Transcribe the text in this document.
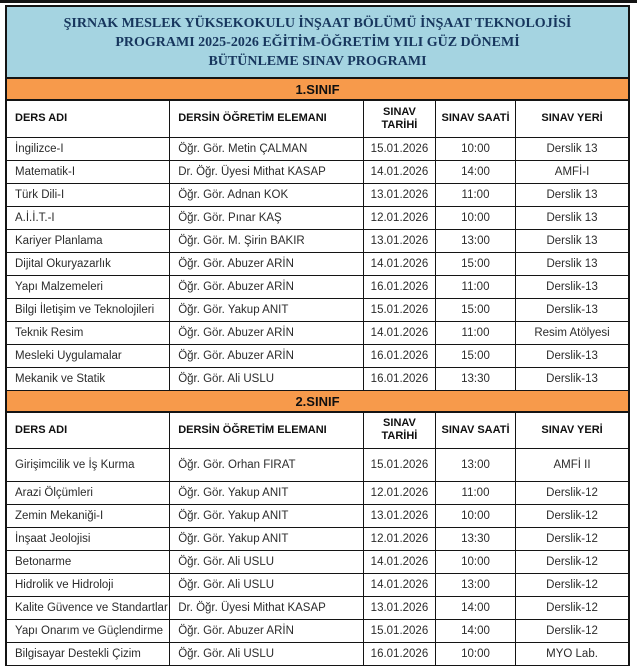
ŞIRNAK MESLEK YÜKSEKOKULU İNŞAAT BÖLÜMÜ İNŞAAT TEKNOLOJİSİ
PROGRAMI 2025-2026 EĞİTİM-ÖĞRETİM YILI GÜZ DÖNEMİ
BÜTÜNLEME SINAV PROGRAMI
1.SINIF
DERS ADI	DERSİN ÖĞRETİM ELEMANI	SINAV TARİHİ	SINAV SAATİ	SINAV YERİ
İngilizce-I	Öğr. Gör. Metin ÇALMAN	15.01.2026	10:00	Derslik 13
Matematik-I	Dr. Öğr. Üyesi Mithat KASAP	14.01.2026	14:00	AMFİ-I
Türk Dili-I	Öğr. Gör. Adnan KOK	13.01.2026	11:00	Derslik 13
A.İ.İ.T.-I	Öğr. Gör. Pınar KAŞ	12.01.2026	10:00	Derslik 13
Kariyer Planlama	Öğr. Gör. M. Şirin BAKIR	13.01.2026	13:00	Derslik 13
Dijital Okuryazarlık	Öğr. Gör. Abuzer ARİN	14.01.2026	15:00	Derslik 13
Yapı Malzemeleri	Öğr. Gör. Abuzer ARİN	16.01.2026	11:00	Derslik-13
Bilgi İletişim ve Teknolojileri	Öğr. Gör. Yakup ANIT	15.01.2026	15:00	Derslik-13
Teknik Resim	Öğr. Gör. Abuzer ARİN	14.01.2026	11:00	Resim Atölyesi
Mesleki Uygulamalar	Öğr. Gör. Abuzer ARİN	16.01.2026	15:00	Derslik-13
Mekanik ve Statik	Öğr. Gör. Ali USLU	16.01.2026	13:30	Derslik-13
2.SINIF
DERS ADI	DERSİN ÖĞRETİM ELEMANI	SINAV TARİHİ	SINAV SAATİ	SINAV YERİ
Girişimcilik ve İş Kurma	Öğr. Gör. Orhan FIRAT	15.01.2026	13:00	AMFİ II
Arazi Ölçümleri	Öğr. Gör. Yakup ANIT	12.01.2026	11:00	Derslik-12
Zemin Mekaniği-I	Öğr. Gör. Yakup ANIT	13.01.2026	10:00	Derslik-12
İnşaat Jeolojisi	Öğr. Gör. Yakup ANIT	12.01.2026	13:30	Derslik-12
Betonarme	Öğr. Gör. Ali USLU	14.01.2026	10:00	Derslik-12
Hidrolik ve Hidroloji	Öğr. Gör. Ali USLU	14.01.2026	13:00	Derslik-12
Kalite Güvence ve Standartlar	Dr. Öğr. Üyesi Mithat KASAP	13.01.2026	14:00	Derslik-12
Yapı Onarım ve Güçlendirme	Öğr. Gör. Abuzer ARİN	15.01.2026	14:00	Derslik-12
Bilgisayar Destekli Çizim	Öğr. Gör. Ali USLU	16.01.2026	10:00	MYO Lab.
